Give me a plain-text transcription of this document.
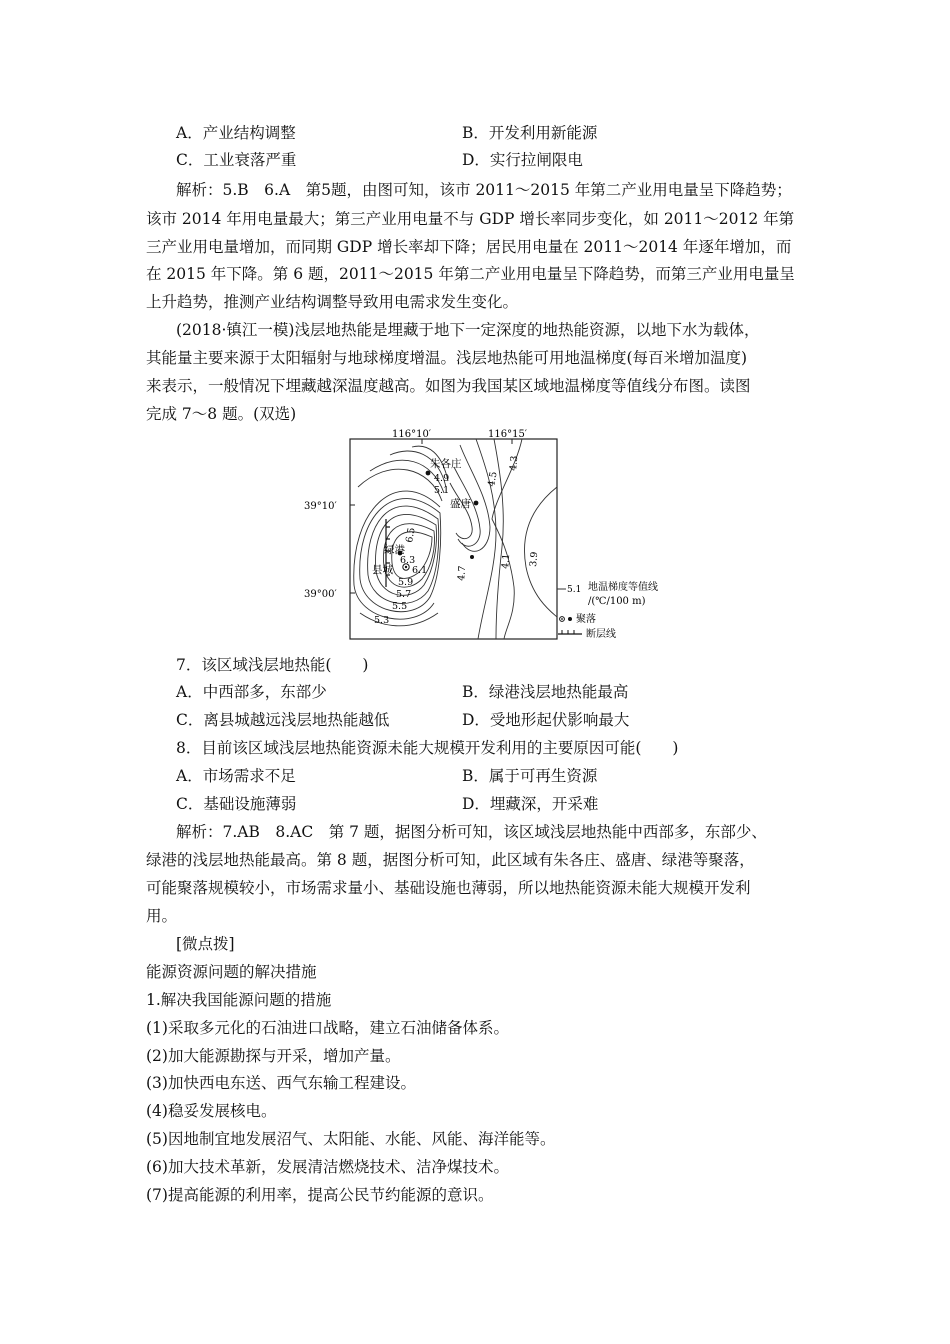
A．产业结构调整	B．开发利用新能源
C．工业衰落严重	D．实行拉闸限电
解析：5.B　6.A　第5题，由图可知，该市 2011～2015 年第二产业用电量呈下降趋势；
该市 2014 年用电量最大；第三产业用电量不与 GDP 增长率同步变化，如 2011～2012 年第
三产业用电量增加，而同期 GDP 增长率却下降；居民用电量在 2011～2014 年逐年增加，而
在 2015 年下降。第 6 题，2011～2015 年第二产业用电量呈下降趋势，而第三产业用电量呈
上升趋势，推测产业结构调整导致用电需求发生变化。
(2018·镇江一模)浅层地热能是埋藏于地下一定深度的地热能资源，以地下水为载体，
其能量主要来源于太阳辐射与地球梯度增温。浅层地热能可用地温梯度(每百米增加温度)
来表示，一般情况下埋藏越深温度越高。如图为我国某区域地温梯度等值线分布图。读图
完成 7～8 题。(双选)
116°10′	116°15′
39°10′
39°00′
朱各庄
盛唐
绿港
县城
4.9
5.1
6.5
6.3
6.1
5.9
5.7
5.5
5.3
4.5
4.3
4.7
4.1 3.9
5.1 地温梯度等值线
/(℃/100 m)
聚落
断层线
7．该区域浅层地热能(　　)
A．中西部多，东部少	B．绿港浅层地热能最高
C．离县城越远浅层地热能越低	D．受地形起伏影响最大
8．目前该区域浅层地热能资源未能大规模开发利用的主要原因可能(　　)
A．市场需求不足	B．属于可再生资源
C．基础设施薄弱	D．埋藏深，开采难
解析：7.AB　8.AC　第 7 题，据图分析可知，该区域浅层地热能中西部多，东部少、
绿港的浅层地热能最高。第 8 题，据图分析可知，此区域有朱各庄、盛唐、绿港等聚落，
可能聚落规模较小，市场需求量小、基础设施也薄弱，所以地热能资源未能大规模开发利
用。
[微点拨]
能源资源问题的解决措施
1.解决我国能源问题的措施
(1)采取多元化的石油进口战略，建立石油储备体系。
(2)加大能源勘探与开采，增加产量。
(3)加快西电东送、西气东输工程建设。
(4)稳妥发展核电。
(5)因地制宜地发展沼气、太阳能、水能、风能、海洋能等。
(6)加大技术革新，发展清洁燃烧技术、洁净煤技术。
(7)提高能源的利用率，提高公民节约能源的意识。
